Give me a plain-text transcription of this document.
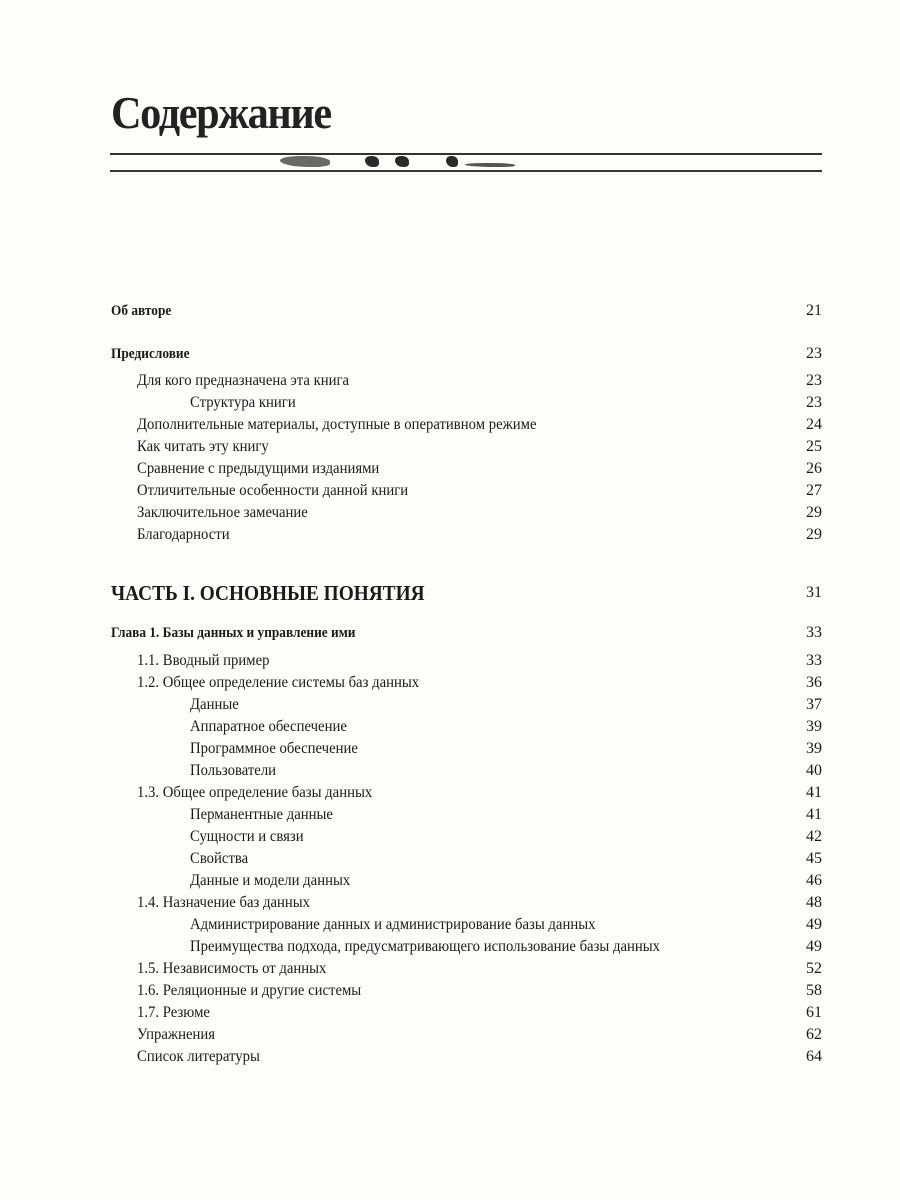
Содержание
Об авторе	21
Предисловие	23
Для кого предназначена эта книга	23
Структура книги	23
Дополнительные материалы, доступные в оперативном режиме	24
Как читать эту книгу	25
Сравнение с предыдущими изданиями	26
Отличительные особенности данной книги	27
Заключительное замечание	29
Благодарности	29
ЧАСТЬ I. ОСНОВНЫЕ ПОНЯТИЯ	31
Глава 1. Базы данных и управление ими	33
1.1. Вводный пример	33
1.2. Общее определение системы баз данных	36
Данные	37
Аппаратное обеспечение	39
Программное обеспечение	39
Пользователи	40
1.3. Общее определение базы данных	41
Перманентные данные	41
Сущности и связи	42
Свойства	45
Данные и модели данных	46
1.4. Назначение баз данных	48
Администрирование данных и администрирование базы данных	49
Преимущества подхода, предусматривающего использование базы данных	49
1.5. Независимость от данных	52
1.6. Реляционные и другие системы	58
1.7. Резюме	61
Упражнения	62
Список литературы	64
